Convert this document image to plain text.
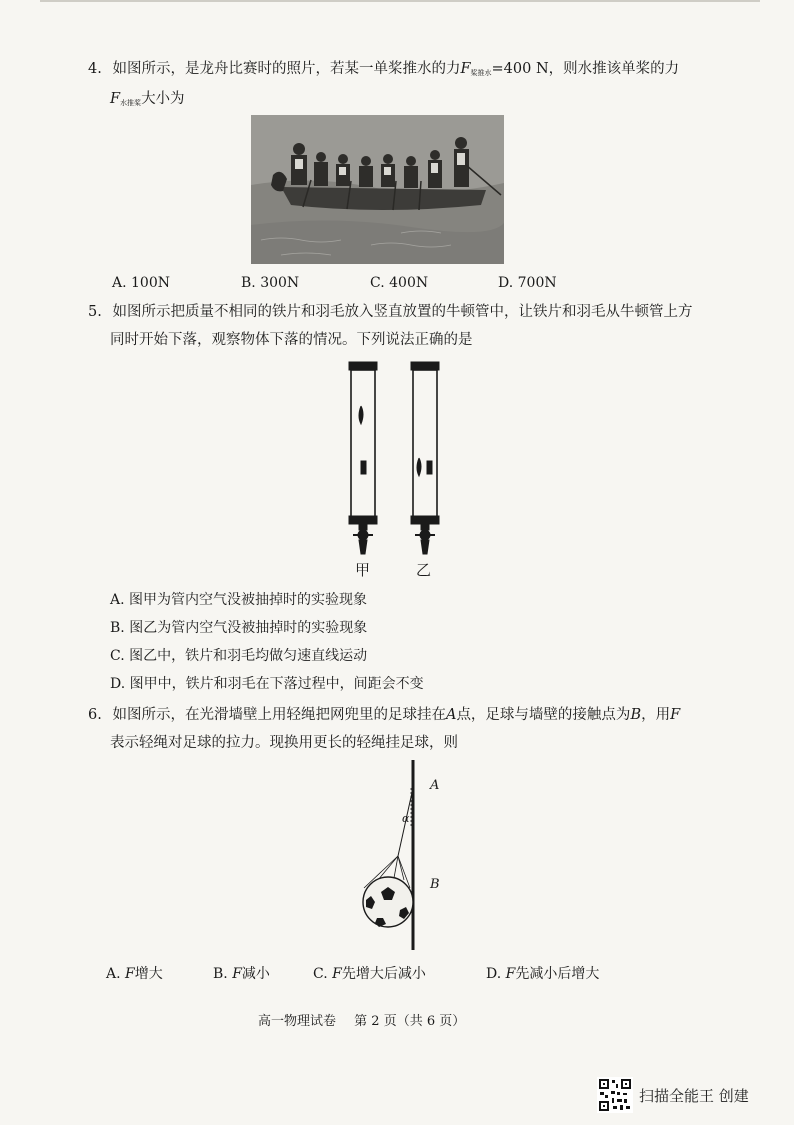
4. 如图所示，是龙舟比赛时的照片，若某一单桨推水的力$F_{桨推水}=400$ N，则水推该单桨的力
$F_{水推桨}$大小为
A. 100N	B. 300N	C. 400N	D. 700N
5. 如图所示把质量不相同的铁片和羽毛放入竖直放置的牛顿管中，让铁片和羽毛从牛顿管上方
同时开始下落，观察物体下落的情况。下列说法正确的是
甲	乙
A. 图甲为管内空气没被抽掉时的实验现象
B. 图乙为管内空气没被抽掉时的实验现象
C. 图乙中，铁片和羽毛均做匀速直线运动
D. 图甲中，铁片和羽毛在下落过程中，间距会不变
6. 如图所示，在光滑墙壁上用轻绳把网兜里的足球挂在A点，足球与墙壁的接触点为B，用F
表示轻绳对足球的拉力。现换用更长的轻绳挂足球，则
A
α
B
A. F增大	B. F减小	C. F先增大后减小	D. F先减小后增大
高一物理试卷 第 2 页（共 6 页）
扫描全能王 创建
